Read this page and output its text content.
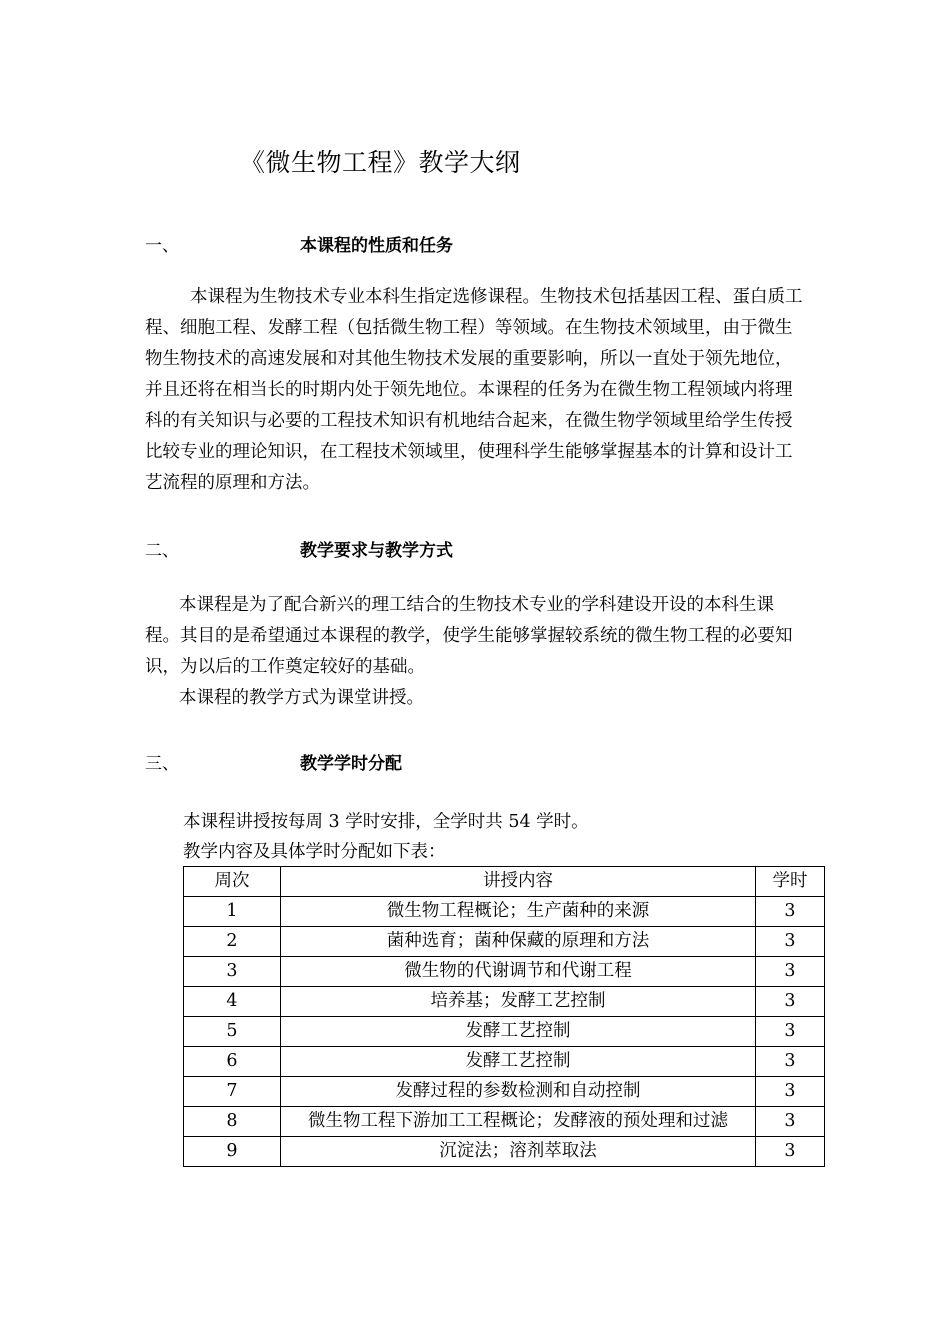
《微生物工程》教学大纲
一、	本课程的性质和任务

本课程为生物技术专业本科生指定选修课程。生物技术包括基因工程、蛋白质工程、细胞工程、发酵工程（包括微生物工程）等领域。在生物技术领域里，由于微生物生物技术的高速发展和对其他生物技术发展的重要影响，所以一直处于领先地位，并且还将在相当长的时期内处于领先地位。本课程的任务为在微生物工程领域内将理科的有关知识与必要的工程技术知识有机地结合起来，在微生物学领域里给学生传授比较专业的理论知识，在工程技术领域里，使理科学生能够掌握基本的计算和设计工艺流程的原理和方法。

二、	教学要求与教学方式

本课程是为了配合新兴的理工结合的生物技术专业的学科建设开设的本科生课程。其目的是希望通过本课程的教学，使学生能够掌握较系统的微生物工程的必要知识，为以后的工作奠定较好的基础。

本课程的教学方式为课堂讲授。

三、	教学学时分配
本课程讲授按每周 3 学时安排，全学时共 54 学时。
教学内容及具体学时分配如下表：
周次	讲授内容	学时
1	微生物工程概论；生产菌种的来源	3
2	菌种选育；菌种保藏的原理和方法	3
3	微生物的代谢调节和代谢工程	3
4	培养基；发酵工艺控制	3
5	发酵工艺控制	3
6	发酵工艺控制	3
7	发酵过程的参数检测和自动控制	3
8	微生物工程下游加工工程概论；发酵液的预处理和过滤	3
9	沉淀法；溶剂萃取法	3
